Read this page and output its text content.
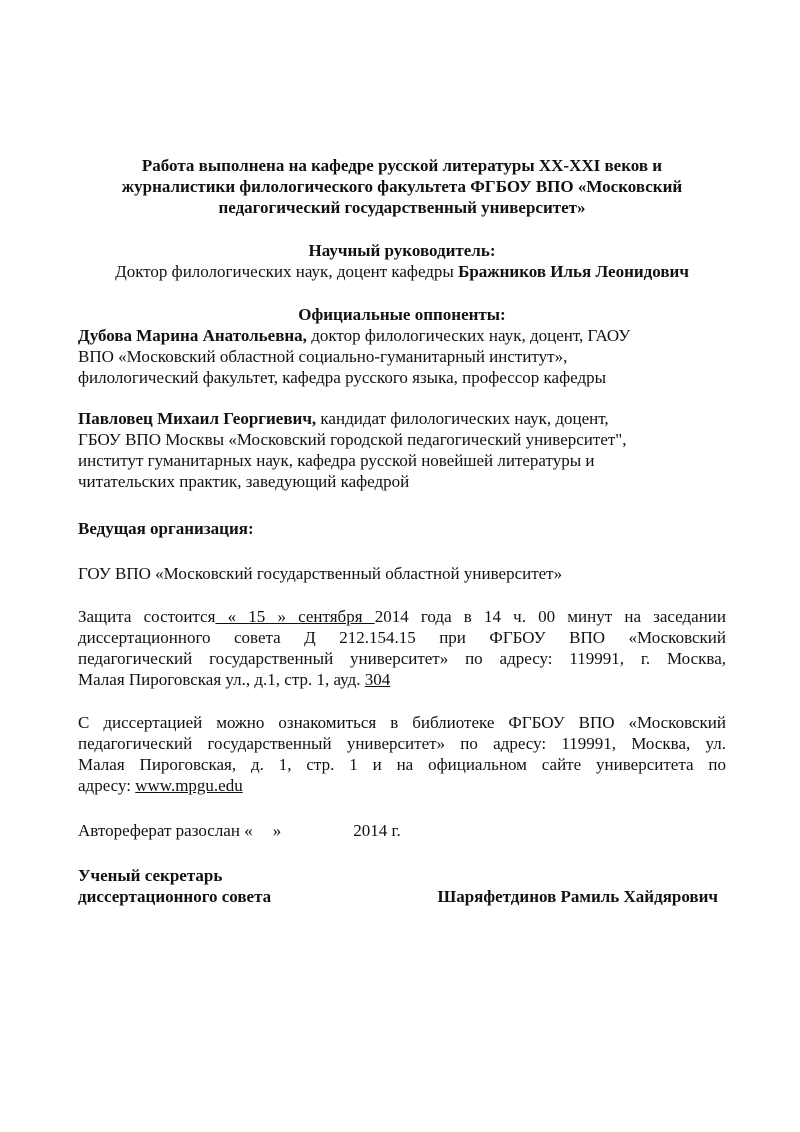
Работа выполнена на кафедре русской литературы XX-XXI веков и
журналистики филологического факультета ФГБОУ ВПО «Московский
педагогический государственный университет»
Научный руководитель:
Доктор филологических наук, доцент кафедры Бражников Илья Леонидович
Официальные оппоненты:
Дубова Марина Анатольевна, доктор филологических наук, доцент, ГАОУ
ВПО «Московский областной социально-гуманитарный институт»,
филологический факультет, кафедра русского языка, профессор кафедры
Павловец Михаил Георгиевич, кандидат филологических наук, доцент,
ГБОУ ВПО Москвы «Московский городской педагогический университет",
институт гуманитарных наук, кафедра русской новейшей литературы и
читательских практик, заведующий кафедрой
Ведущая организация:
ГОУ ВПО «Московский государственный областной университет»
Защита состоится « 15 » сентября 2014 года в 14 ч. 00 минут на заседании
диссертационного совета Д 212.154.15 при ФГБОУ ВПО «Московский
педагогический государственный университет» по адресу: 119991, г. Москва,
Малая Пироговская ул., д.1, стр. 1, ауд. 304
С диссертацией можно ознакомиться в библиотеке ФГБОУ ВПО «Московский
педагогический государственный университет» по адресу: 119991, Москва, ул.
Малая Пироговская, д. 1, стр. 1 и на официальном сайте университета по
адресу: www.mpgu.edu
Автореферат разослан « »	2014 г.
Ученый секретарь
диссертационного совета	Шаряфетдинов Рамиль Хайдярович
